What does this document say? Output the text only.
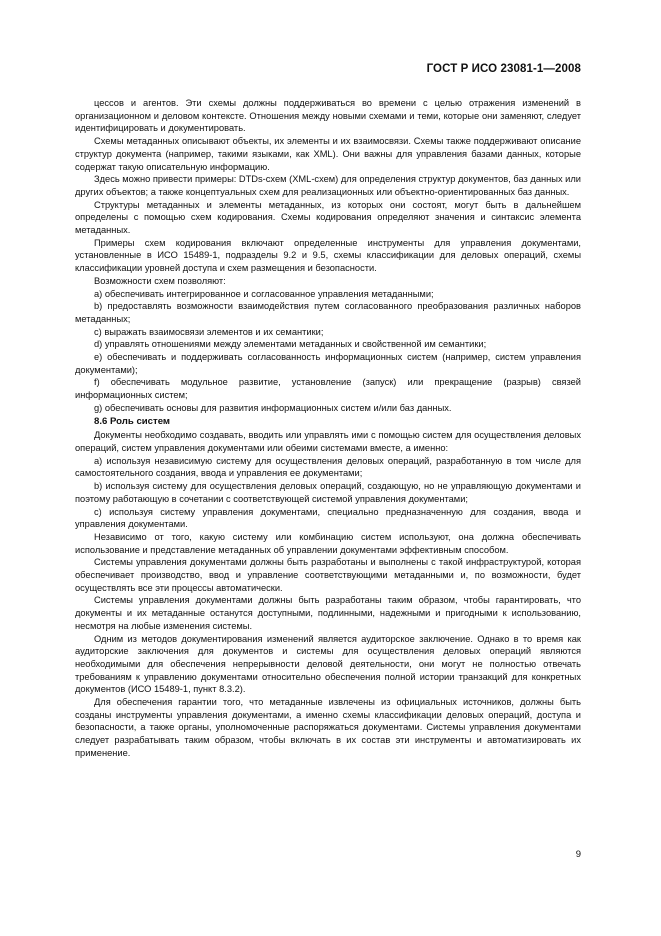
ГОСТ Р ИСО 23081-1—2008

цессов и агентов. Эти схемы должны поддерживаться во времени с целью отражения изменений в организационном и деловом контексте. Отношения между новыми схемами и теми, которые они заменяют, следует идентифицировать и документировать.

Схемы метаданных описывают объекты, их элементы и их взаимосвязи. Схемы также поддерживают описание структур документа (например, такими языками, как XML). Они важны для управления базами данных, которые содержат такую описательную информацию.

Здесь можно привести примеры: DTDs-схем (XML-схем) для определения структур документов, баз данных или других объектов; а также концептуальных схем для реализационных или объектно-ориентированных баз данных.

Структуры метаданных и элементы метаданных, из которых они состоят, могут быть в дальнейшем определены с помощью схем кодирования. Схемы кодирования определяют значения и синтаксис элемента метаданных.

Примеры схем кодирования включают определенные инструменты для управления документами, установленные в ИСО 15489-1, подразделы 9.2 и 9.5, схемы классификации для деловых операций, схемы классификации уровней доступа и схем размещения и безопасности.

Возможности схем позволяют:

a) обеспечивать интегрированное и согласованное управления метаданными;

b) предоставлять возможности взаимодействия путем согласованного преобразования различных наборов метаданных;

c) выражать взаимосвязи элементов и их семантики;

d) управлять отношениями между элементами метаданных и свойственной им семантики;

e) обеспечивать и поддерживать согласованность информационных систем (например, систем управления документами);

f) обеспечивать модульное развитие, установление (запуск) или прекращение (разрыв) связей информационных систем;

g) обеспечивать основы для развития информационных систем и/или баз данных.

8.6 Роль систем

Документы необходимо создавать, вводить или управлять ими с помощью систем для осуществления деловых операций, систем управления документами или обеими системами вместе, а именно:

a) используя независимую систему для осуществления деловых операций, разработанную в том числе для самостоятельного создания, ввода и управления ее документами;

b) используя систему для осуществления деловых операций, создающую, но не управляющую документами и поэтому работающую в сочетании с соответствующей системой управления документами;

c) используя систему управления документами, специально предназначенную для создания, ввода и управления документами.

Независимо от того, какую систему или комбинацию систем используют, она должна обеспечивать использование и представление метаданных об управлении документами эффективным способом.

Системы управления документами должны быть разработаны и выполнены с такой инфраструктурой, которая обеспечивает производство, ввод и управление соответствующими метаданными и, по возможности, будет осуществлять все эти процессы автоматически.

Системы управления документами должны быть разработаны таким образом, чтобы гарантировать, что документы и их метаданные останутся доступными, подлинными, надежными и пригодными к использованию, несмотря на любые изменения системы.

Одним из методов документирования изменений является аудиторское заключение. Однако в то время как аудиторские заключения для документов и системы для осуществления деловых операций являются необходимыми для обеспечения непрерывности деловой деятельности, они могут не полностью отвечать требованиям к управлению документами относительно обеспечения полной истории транзакций для конкретных документов (ИСО 15489-1, пункт 8.3.2).

Для обеспечения гарантии того, что метаданные извлечены из официальных источников, должны быть созданы инструменты управления документами, а именно схемы классификации деловых операций, доступа и безопасности, а также органы, уполномоченные распоряжаться документами. Системы управления документами следует разрабатывать таким образом, чтобы включать в их состав эти инструменты и автоматизировать их применение.

9
